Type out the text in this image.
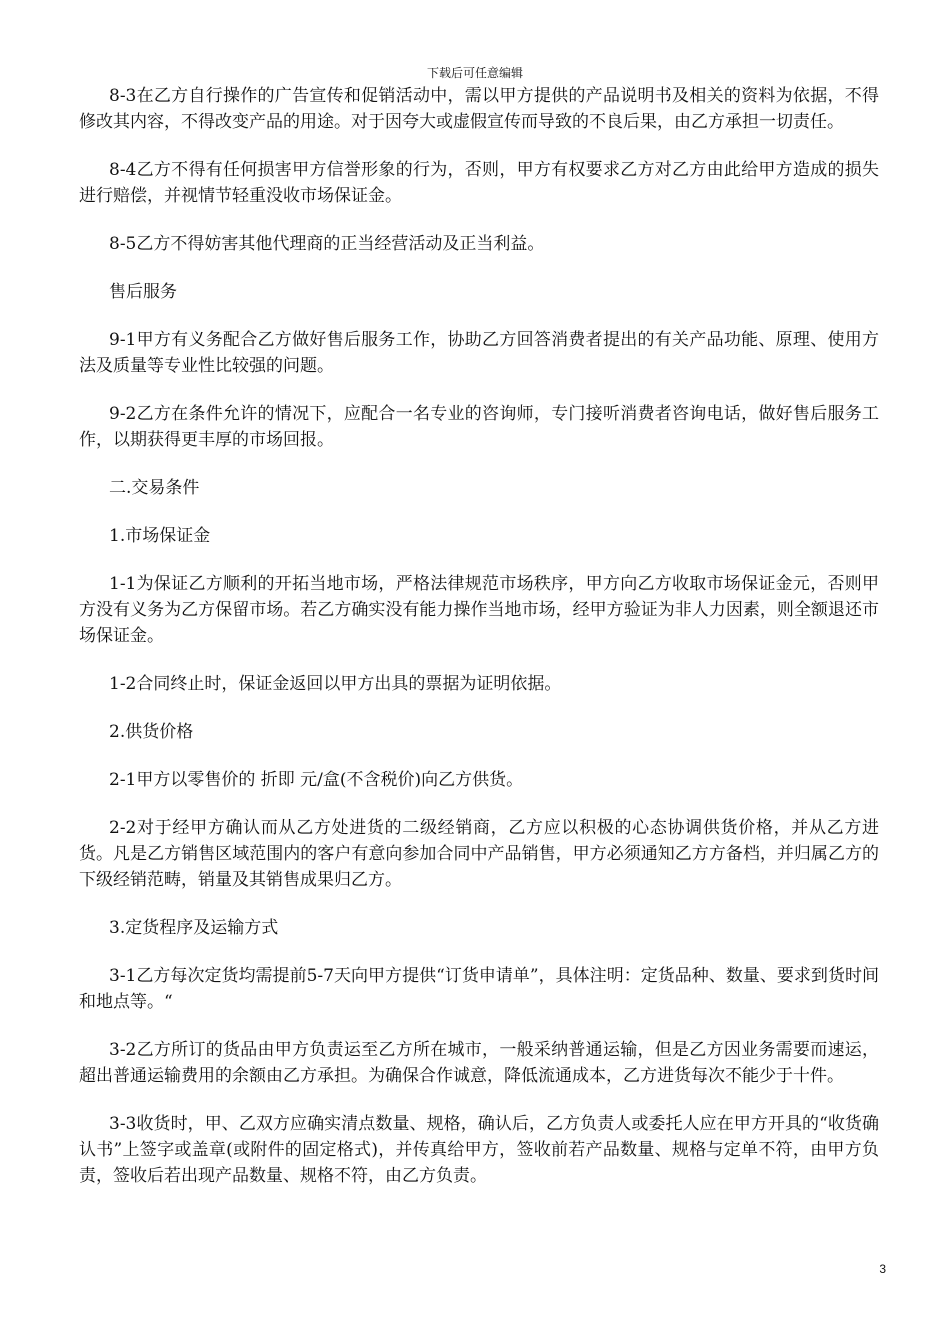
下载后可任意编辑

8-3在乙方自行操作的广告宣传和促销活动中，需以甲方提供的产品说明书及相关的资料为依据，不得修改其内容，不得改变产品的用途。对于因夸大或虚假宣传而导致的不良后果，由乙方承担一切责任。

8-4乙方不得有任何损害甲方信誉形象的行为，否则，甲方有权要求乙方对乙方由此给甲方造成的损失进行赔偿，并视情节轻重没收市场保证金。

8-5乙方不得妨害其他代理商的正当经营活动及正当利益。

售后服务

9-1甲方有义务配合乙方做好售后服务工作，协助乙方回答消费者提出的有关产品功能、原理、使用方法及质量等专业性比较强的问题。

9-2乙方在条件允许的情况下，应配合一名专业的咨询师，专门接听消费者咨询电话，做好售后服务工作，以期获得更丰厚的市场回报。

二.交易条件

1.市场保证金

1-1为保证乙方顺利的开拓当地市场，严格法律规范市场秩序，甲方向乙方收取市场保证金元，否则甲方没有义务为乙方保留市场。若乙方确实没有能力操作当地市场，经甲方验证为非人力因素，则全额退还市场保证金。

1-2合同终止时，保证金返回以甲方出具的票据为证明依据。

2.供货价格

2-1甲方以零售价的 折即 元/盒(不含税价)向乙方供货。

2-2对于经甲方确认而从乙方处进货的二级经销商，乙方应以积极的心态协调供货价格，并从乙方进货。凡是乙方销售区域范围内的客户有意向参加合同中产品销售，甲方必须通知乙方方备档，并归属乙方的下级经销范畴，销量及其销售成果归乙方。

3.定货程序及运输方式

3-1乙方每次定货均需提前5-7天向甲方提供“订货申请单”，具体注明：定货品种、数量、要求到货时间和地点等。“

3-2乙方所订的货品由甲方负责运至乙方所在城市，一般采纳普通运输，但是乙方因业务需要而速运，超出普通运输费用的余额由乙方承担。为确保合作诚意，降低流通成本，乙方进货每次不能少于十件。

3-3收货时，甲、乙双方应确实清点数量、规格，确认后，乙方负责人或委托人应在甲方开具的“收货确认书”上签字或盖章(或附件的固定格式)，并传真给甲方，签收前若产品数量、规格与定单不符，由甲方负责，签收后若出现产品数量、规格不符，由乙方负责。

3
